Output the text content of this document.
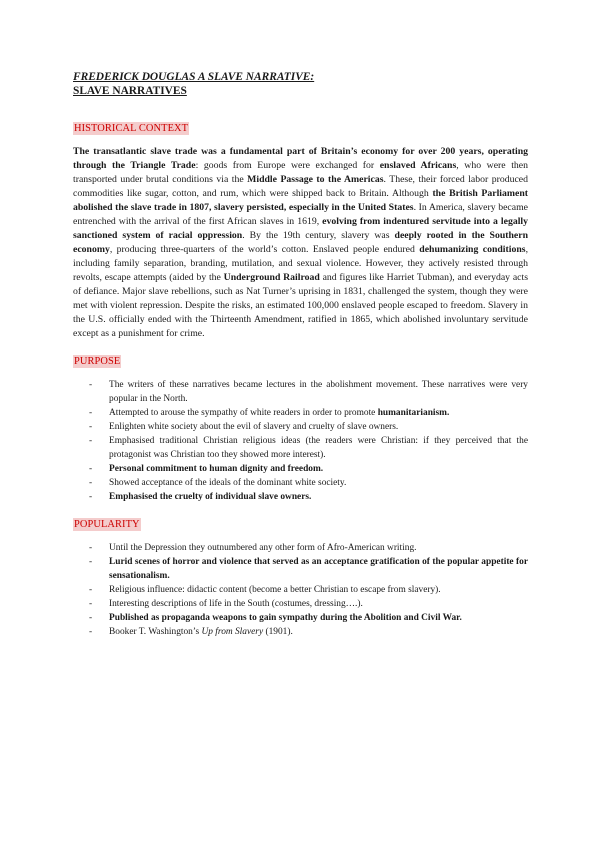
FREDERICK DOUGLAS A SLAVE NARRATIVE:

SLAVE NARRATIVES

HISTORICAL CONTEXT

The transatlantic slave trade was a fundamental part of Britain’s economy for over 200 years, operating through the Triangle Trade: goods from Europe were exchanged for enslaved Africans, who were then transported under brutal conditions via the Middle Passage to the Americas. These, their forced labor produced commodities like sugar, cotton, and rum, which were shipped back to Britain. Although the British Parliament abolished the slave trade in 1807, slavery persisted, especially in the United States. In America, slavery became entrenched with the arrival of the first African slaves in 1619, evolving from indentured servitude into a legally sanctioned system of racial oppression. By the 19th century, slavery was deeply rooted in the Southern economy, producing three-quarters of the world’s cotton. Enslaved people endured dehumanizing conditions, including family separation, branding, mutilation, and sexual violence. However, they actively resisted through revolts, escape attempts (aided by the Underground Railroad and figures like Harriet Tubman), and everyday acts of defiance. Major slave rebellions, such as Nat Turner’s uprising in 1831, challenged the system, though they were met with violent repression. Despite the risks, an estimated 100,000 enslaved people escaped to freedom. Slavery in the U.S. officially ended with the Thirteenth Amendment, ratified in 1865, which abolished involuntary servitude except as a punishment for crime.

PURPOSE
- The writers of these narratives became lectures in the abolishment movement. These narratives were very popular in the North.
- Attempted to arouse the sympathy of white readers in order to promote humanitarianism.
- Enlighten white society about the evil of slavery and cruelty of slave owners.
- Emphasised traditional Christian religious ideas (the readers were Christian: if they perceived that the protagonist was Christian too they showed more interest).
- Personal commitment to human dignity and freedom.
- Showed acceptance of the ideals of the dominant white society.
- Emphasised the cruelty of individual slave owners.
POPULARITY
- Until the Depression they outnumbered any other form of Afro-American writing.
- Lurid scenes of horror and violence that served as an acceptance gratification of the popular appetite for sensationalism.
- Religious influence: didactic content (become a better Christian to escape from slavery).
- Interesting descriptions of life in the South (costumes, dressing….).
- Published as propaganda weapons to gain sympathy during the Abolition and Civil War.
- Booker T. Washington’s Up from Slavery (1901).
